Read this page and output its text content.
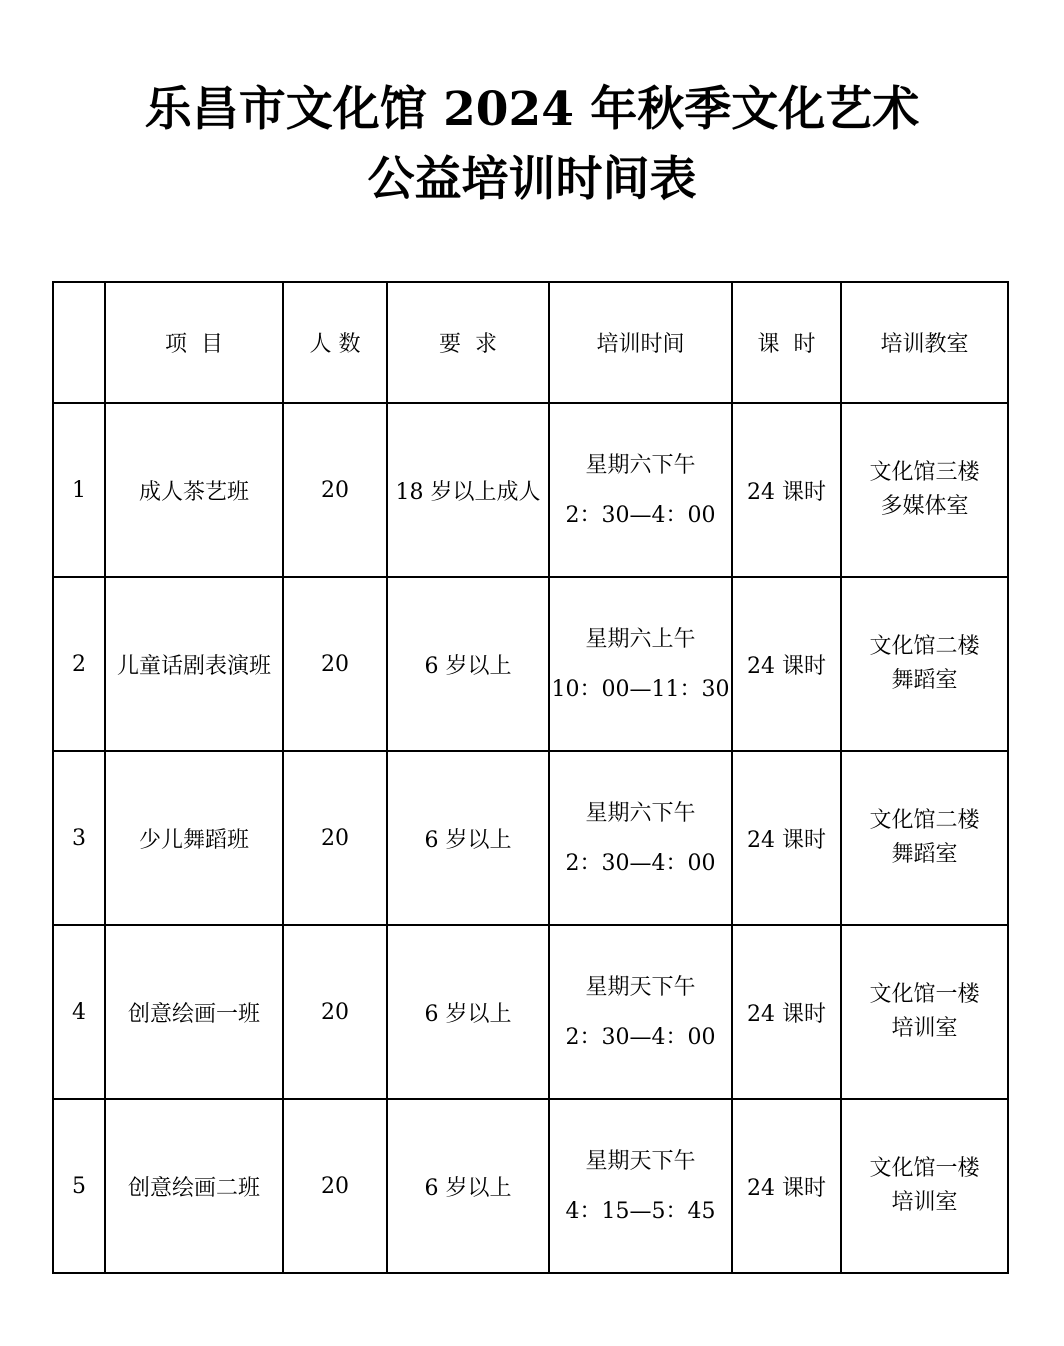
乐昌市文化馆 2024 年秋季文化艺术
公益培训时间表
	项  目	人 数	要  求	培训时间	课  时	培训教室
1	成人茶艺班	20	18 岁以上成人	星期六下午
2：30—4：00	24 课时	文化馆三楼
多媒体室

2	儿童话剧表演班	20	6 岁以上	星期六上午
10：00—11：30	24 课时	文化馆二楼
舞蹈室

3	少儿舞蹈班	20	6 岁以上	星期六下午
2：30—4：00	24 课时	文化馆二楼
舞蹈室

4	创意绘画一班	20	6 岁以上	星期天下午
2：30—4：00	24 课时	文化馆一楼
培训室

5	创意绘画二班	20	6 岁以上	星期天下午
4：15—5：45	24 课时	文化馆一楼
培训室
